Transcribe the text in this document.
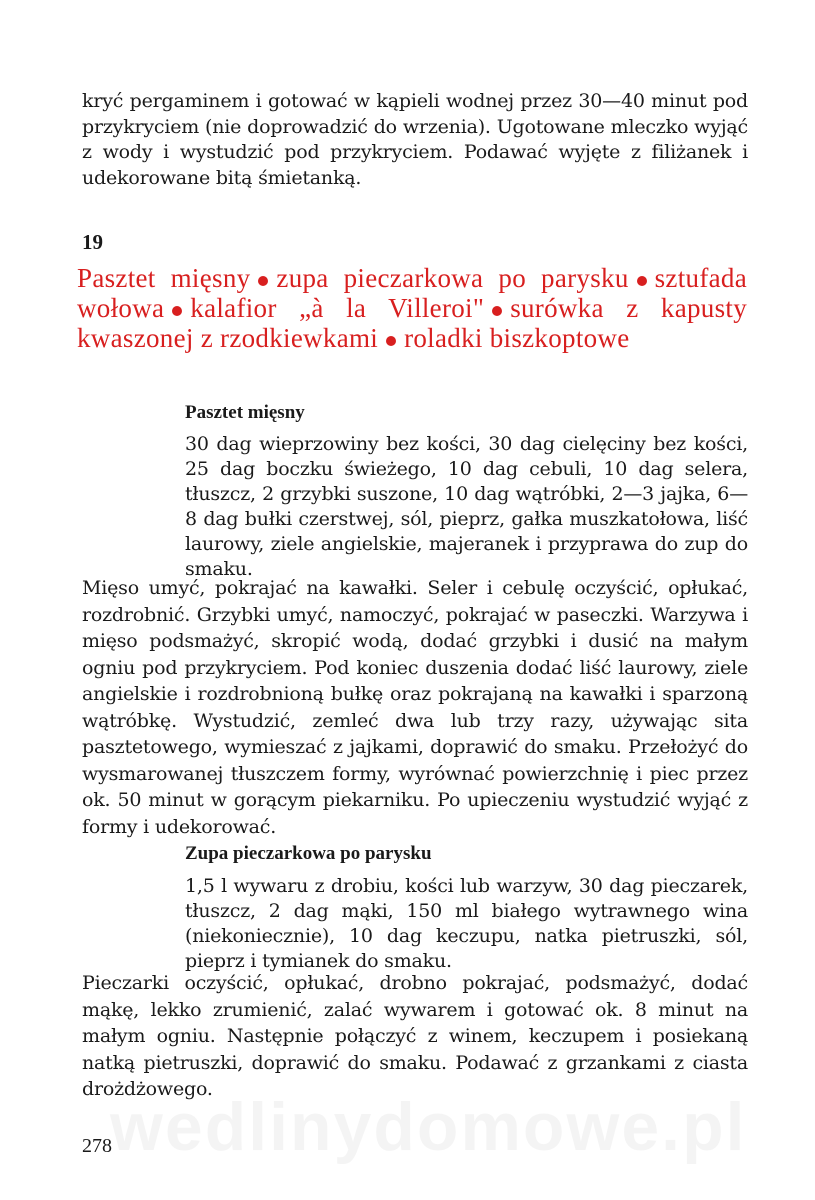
kryć pergaminem i gotować w kąpieli wodnej przez 30—40 minut pod przykryciem (nie doprowadzić do wrzenia). Ugotowane mleczko wyjąć z wody i wystudzić pod przykryciem. Podawać wyjęte z filiżanek i udekorowane bitą śmietanką.
19
Pasztet mięsny zupa pieczarkowa po parysku sztufada wołowa kalafior „à la Villeroi" surówka z kapusty kwaszonej z rzodkiewkami roladki biszkoptowe
Pasztet mięsny
30 dag wieprzowiny bez kości, 30 dag cielęciny bez kości, 25 dag boczku świeżego, 10 dag cebuli, 10 dag selera, tłuszcz, 2 grzybki suszone, 10 dag wątróbki, 2—3 jajka, 6—8 dag bułki czerstwej, sól, pieprz, gałka muszkatołowa, liść laurowy, ziele angielskie, majeranek i przyprawa do zup do smaku.
Mięso umyć, pokrajać na kawałki. Seler i cebulę oczyścić, opłukać, rozdrobnić. Grzybki umyć, namoczyć, pokrajać w paseczki. Warzywa i mięso podsmażyć, skropić wodą, dodać grzybki i dusić na małym ogniu pod przykryciem. Pod koniec duszenia dodać liść laurowy, ziele angielskie i rozdrobnioną bułkę oraz pokrajaną na kawałki i sparzoną wątróbkę. Wystudzić, zemleć dwa lub trzy razy, używając sita pasztetowego, wymieszać z jajkami, doprawić do smaku. Przełożyć do wysmarowanej tłuszczem formy, wyrównać powierzchnię i piec przez ok. 50 minut w gorącym piekarniku. Po upieczeniu wystudzić wyjąć z formy i udekorować.
Zupa pieczarkowa po parysku
1,5 l wywaru z drobiu, kości lub warzyw, 30 dag pieczarek, tłuszcz, 2 dag mąki, 150 ml białego wytrawnego wina (niekoniecznie), 10 dag keczupu, natka pietruszki, sól, pieprz i tymianek do smaku.
Pieczarki oczyścić, opłukać, drobno pokrajać, podsmażyć, dodać mąkę, lekko zrumienić, zalać wywarem i gotować ok. 8 minut na małym ogniu. Następnie połączyć z winem, keczupem i posiekaną natką pietruszki, doprawić do smaku. Podawać z grzankami z ciasta drożdżowego.
278
